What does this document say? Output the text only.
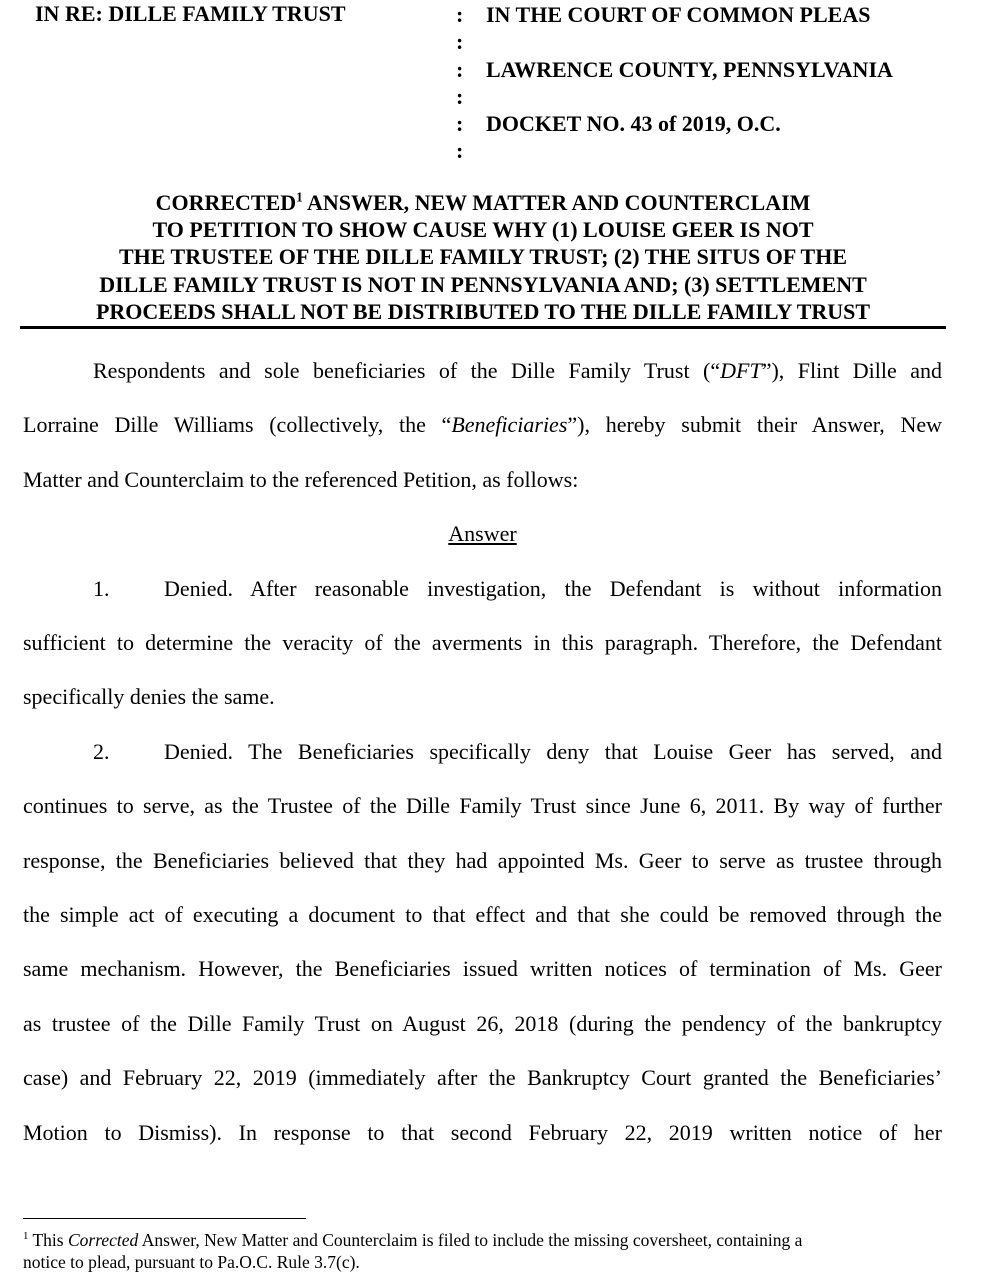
IN RE: DILLE FAMILY TRUST	:
:
:
:
:
:
IN THE COURT OF COMMON PLEAS
LAWRENCE COUNTY, PENNSYLVANIA
DOCKET NO. 43 of 2019, O.C.
CORRECTED$^1$ ANSWER, NEW MATTER AND COUNTERCLAIM
TO PETITION TO SHOW CAUSE WHY (1) LOUISE GEER IS NOT
THE TRUSTEE OF THE DILLE FAMILY TRUST; (2) THE SITUS OF THE
DILLE FAMILY TRUST IS NOT IN PENNSYLVANIA AND; (3) SETTLEMENT
PROCEEDS SHALL NOT BE DISTRIBUTED TO THE DILLE FAMILY TRUST
Respondents and sole beneficiaries of the Dille Family Trust (“DFT”), Flint Dille and
Lorraine Dille Williams (collectively, the “Beneficiaries”), hereby submit their Answer, New
Matter and Counterclaim to the referenced Petition, as follows:
Answer
1. Denied. After reasonable investigation, the Defendant is without information
sufficient to determine the veracity of the averments in this paragraph. Therefore, the Defendant
specifically denies the same.
2. Denied. The Beneficiaries specifically deny that Louise Geer has served, and
continues to serve, as the Trustee of the Dille Family Trust since June 6, 2011. By way of further
response, the Beneficiaries believed that they had appointed Ms. Geer to serve as trustee through
the simple act of executing a document to that effect and that she could be removed through the
same mechanism. However, the Beneficiaries issued written notices of termination of Ms. Geer
as trustee of the Dille Family Trust on August 26, 2018 (during the pendency of the bankruptcy
case) and February 22, 2019 (immediately after the Bankruptcy Court granted the Beneficiaries’
Motion to Dismiss). In response to that second February 22, 2019 written notice of her
$^1$ This Corrected Answer, New Matter and Counterclaim is filed to include the missing coversheet, containing a
notice to plead, pursuant to Pa.O.C. Rule 3.7(c).
